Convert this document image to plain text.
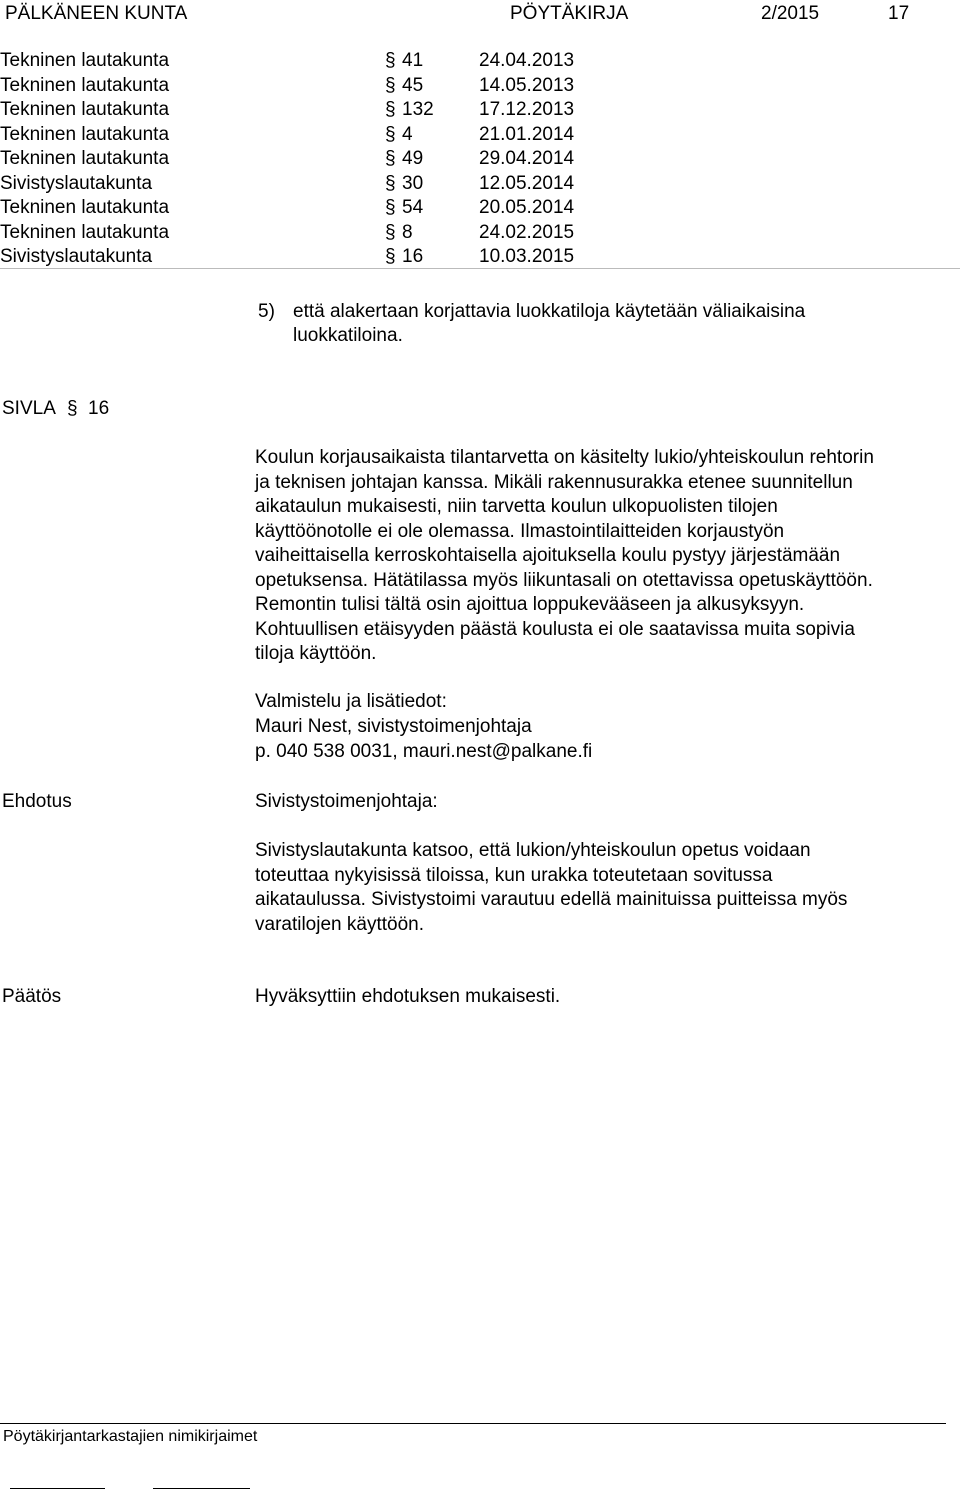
PÄLKÄNEEN KUNTA	PÖYTÄKIRJA	2/2015	17
Tekninen lautakunta	§ 41	24.04.2013
Tekninen lautakunta	§ 45	14.05.2013
Tekninen lautakunta	§ 132 17.12.2013
Tekninen lautakunta	§ 4	21.01.2014
Tekninen lautakunta	§ 49	29.04.2014
Sivistyslautakunta	§ 30	12.05.2014
Tekninen lautakunta	§ 54	20.05.2014
Tekninen lautakunta	§ 8	24.02.2015
Sivistyslautakunta	§ 16	10.03.2015
5) että alakertaan korjattavia luokkatiloja käytetään väliaikaisina
luokkatiloina.
SIVLA § 16
Koulun korjausaikaista tilantarvetta on käsitelty lukio/yhteiskoulun rehtorin
ja teknisen johtajan kanssa. Mikäli rakennusurakka etenee suunnitellun
aikataulun mukaisesti, niin tarvetta koulun ulkopuolisten tilojen
käyttöönotolle ei ole olemassa. Ilmastointilaitteiden korjaustyön
vaiheittaisella kerroskohtaisella ajoituksella koulu pystyy järjestämään
opetuksensa. Hätätilassa myös liikuntasali on otettavissa opetuskäyttöön.
Remontin tulisi tältä osin ajoittua loppukevääseen ja alkusyksyyn.
Kohtuullisen etäisyyden päästä koulusta ei ole saatavissa muita sopivia
tiloja käyttöön.
Valmistelu ja lisätiedot:
Mauri Nest, sivistystoimenjohtaja
p. 040 538 0031, mauri.nest@palkane.fi
Ehdotus	Sivistystoimenjohtaja:
Sivistyslautakunta katsoo, että lukion/yhteiskoulun opetus voidaan
toteuttaa nykyisissä tiloissa, kun urakka toteutetaan sovitussa
aikataulussa. Sivistystoimi varautuu edellä mainituissa puitteissa myös
varatilojen käyttöön.
Päätös	Hyväksyttiin ehdotuksen mukaisesti.
Pöytäkirjantarkastajien nimikirjaimet
